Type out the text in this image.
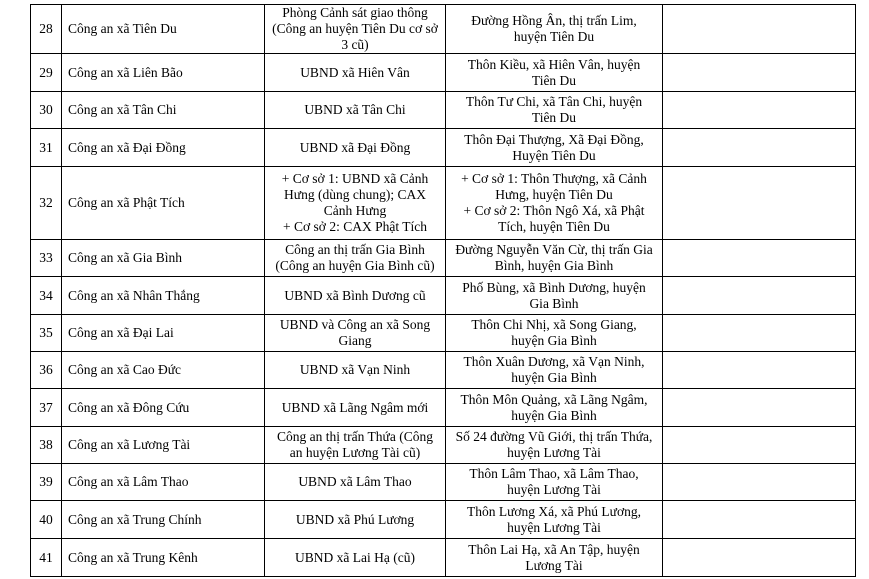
28	Công an xã Tiên Du	Phòng Cảnh sát giao thông
(Công an huyện Tiên Du cơ sở
3 cũ)	Đường Hồng Ân, thị trấn Lim,
huyện Tiên Du	

29	Công an xã Liên Bão	UBND xã Hiên Vân	Thôn Kiều, xã Hiên Vân, huyện
Tiên Du	

30	Công an xã Tân Chi	UBND xã Tân Chi	Thôn Tư Chi, xã Tân Chi, huyện
Tiên Du	

31	Công an xã Đại Đồng	UBND xã Đại Đồng	Thôn Đại Thượng, Xã Đại Đồng,
Huyện Tiên Du	

32	Công an xã Phật Tích	+ Cơ sở 1: UBND xã Cảnh
Hưng (dùng chung); CAX
Cảnh Hưng
+ Cơ sở 2: CAX Phật Tích	+ Cơ sở 1: Thôn Thượng, xã Cảnh
Hưng, huyện Tiên Du
+ Cơ sở 2: Thôn Ngô Xá, xã Phật
Tích, huyện Tiên Du	

33	Công an xã Gia Bình	Công an thị trấn Gia Bình
(Công an huyện Gia Bình cũ)	Đường Nguyễn Văn Cừ, thị trấn Gia
Bình, huyện Gia Bình	

34	Công an xã Nhân Thắng	UBND xã Bình Dương cũ	Phố Bùng, xã Bình Dương, huyện
Gia Bình	

35	Công an xã Đại Lai	UBND và Công an xã Song
Giang	Thôn Chi Nhị, xã Song Giang,
huyện Gia Bình	

36	Công an xã Cao Đức	UBND xã Vạn Ninh	Thôn Xuân Dương, xã Vạn Ninh,
huyện Gia Bình	

37	Công an xã Đông Cứu	UBND xã Lãng Ngâm mới	Thôn Môn Quảng, xã Lãng Ngâm,
huyện Gia Bình	

38	Công an xã Lương Tài	Công an thị trấn Thứa (Công
an huyện Lương Tài cũ)	Số 24 đường Vũ Giới, thị trấn Thứa,
huyện Lương Tài	

39	Công an xã Lâm Thao	UBND xã Lâm Thao	Thôn Lâm Thao, xã Lâm Thao,
huyện Lương Tài	

40	Công an xã Trung Chính	UBND xã Phú Lương	Thôn Lương Xá, xã Phú Lương,
huyện Lương Tài	

41	Công an xã Trung Kênh	UBND xã Lai Hạ (cũ)	Thôn Lai Hạ, xã An Tập, huyện
Lương Tài	
